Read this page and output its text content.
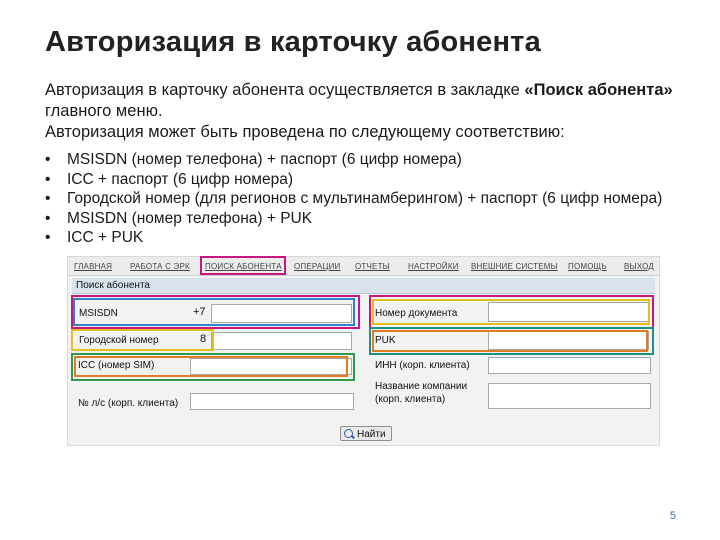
Авторизация в карточку абонента

Авторизация в карточку абонента осуществляется в закладке «Поиск абонента» главного меню.

Авторизация может быть проведена по следующему соответствию:

• MSISDN (номер телефона) + паспорт (6 цифр номера)
• ICC + паспорт (6 цифр номера)
• Городской номер (для регионов с мультинамберингом) + паспорт (6 цифр номера)
• MSISDN (номер телефона) + PUK
• ICC + PUK
ГЛАВНАЯ РАБОТА С ЭРК ПОИСК АБОНЕНТА ОПЕРАЦИИ ОТЧЕТЫ НАСТРОЙКИ ВНЕШНИЕ СИСТЕМЫ ПОМОЩЬ ВЫХОД
Поиск абонента
MSISDN	+7
Городской номер	8
ICC (номер SIM)
№ л/с (корп. клиента)
Номер документа
PUK
ИНН (корп. клиента)
Название компании
(корп. клиента)
Найти
5
